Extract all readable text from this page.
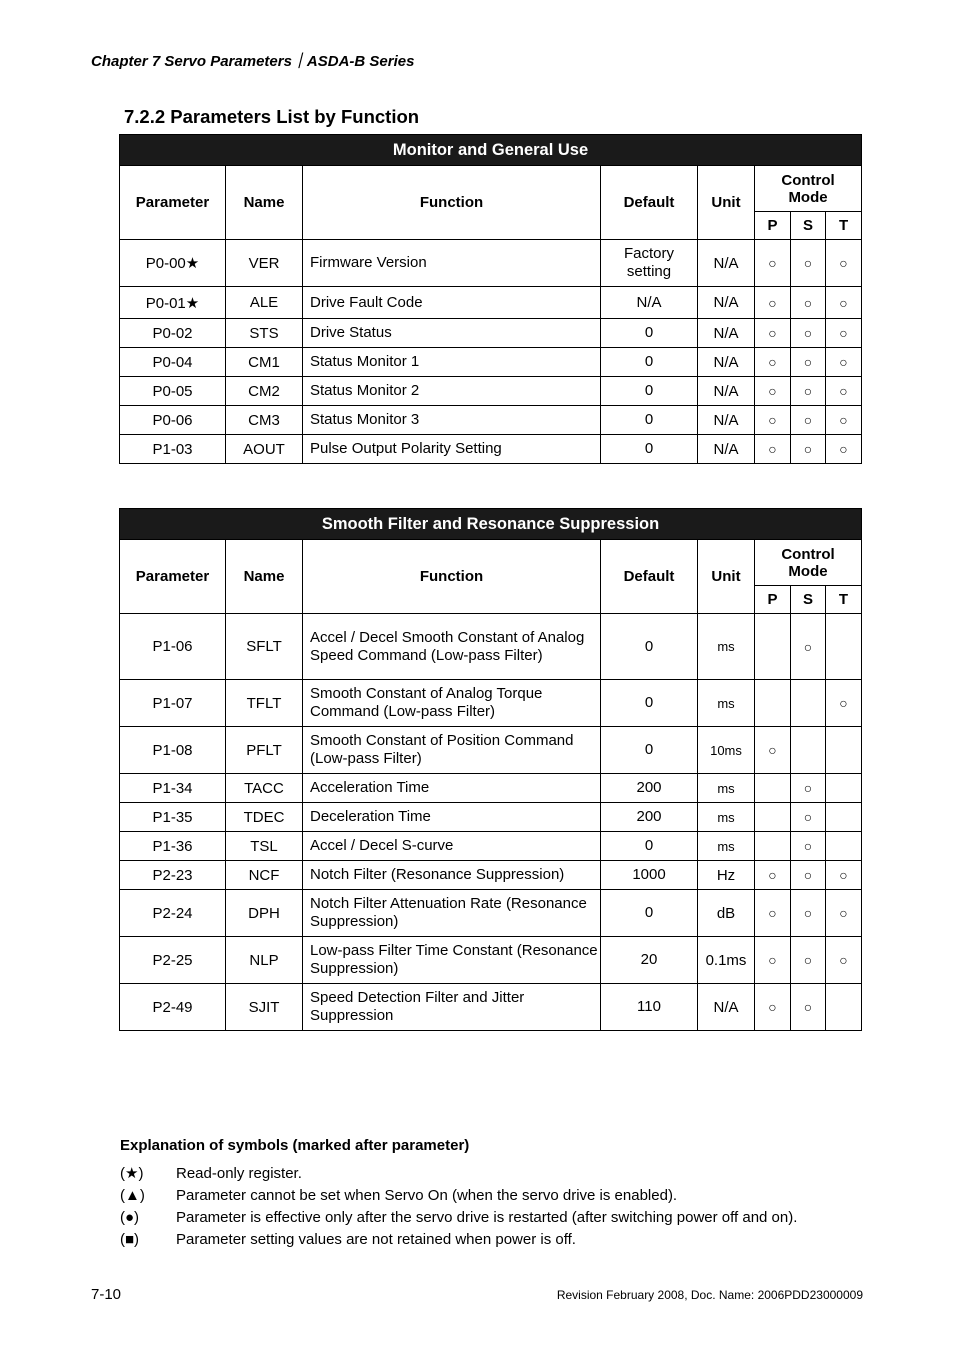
Chapter 7 Servo Parameters｜ASDA-B Series
7.2.2 Parameters List by Function
Monitor and General Use							
Parameter	Name	Function	Default	Unit	Control Mode		
					P	S	T
P0-00★	VER	Firmware Version	Factory setting	N/A	○	○	○
P0-01★	ALE	Drive Fault Code	N/A	N/A	○	○	○
P0-02	STS	Drive Status	0	N/A	○	○	○
P0-04	CM1	Status Monitor 1	0	N/A	○	○	○
P0-05	CM2	Status Monitor 2	0	N/A	○	○	○
P0-06	CM3	Status Monitor 3	0	N/A	○	○	○
P1-03	AOUT	Pulse Output Polarity Setting	0	N/A	○	○	○
Smooth Filter and Resonance Suppression							
Parameter	Name	Function	Default	Unit	Control Mode		
					P	S	T
P1-06	SFLT	Accel / Decel Smooth Constant of Analog Speed Command (Low-pass Filter)	0	ms		○	
P1-07	TFLT	Smooth Constant of Analog Torque Command (Low-pass Filter)	0	ms			○
P1-08	PFLT	Smooth Constant of Position Command (Low-pass Filter)	0	10ms	○		
P1-34	TACC	Acceleration Time	200	ms		○	
P1-35	TDEC	Deceleration Time	200	ms		○	
P1-36	TSL	Accel / Decel S-curve	0	ms		○	
P2-23	NCF	Notch Filter (Resonance Suppression)	1000	Hz	○	○	○
P2-24	DPH	Notch Filter Attenuation Rate (Resonance Suppression)	0	dB	○	○	○
P2-25	NLP	Low-pass Filter Time Constant (Resonance Suppression)	20	0.1ms	○	○	○
P2-49	SJIT	Speed Detection Filter and Jitter Suppression	110	N/A	○	○	
Explanation of symbols (marked after parameter)
(★) Read-only register.
(▲) Parameter cannot be set when Servo On (when the servo drive is enabled).
(●) Parameter is effective only after the servo drive is restarted (after switching power off and on).
(■) Parameter setting values are not retained when power is off.
7-10	Revision February 2008, Doc. Name: 2006PDD23000009
